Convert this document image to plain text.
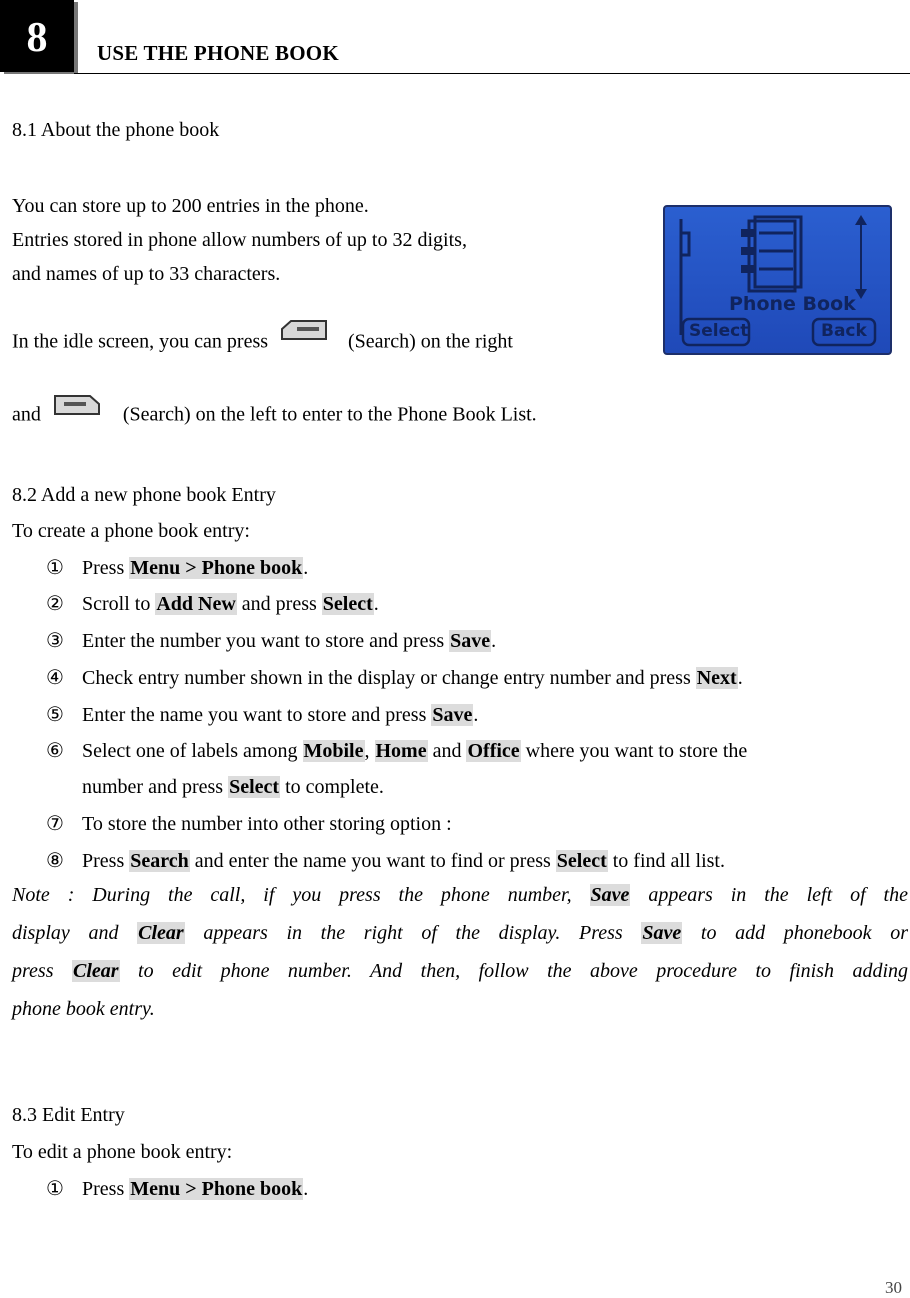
8	USE THE PHONE BOOK
8.1 About the phone book
You can store up to 200 entries in the phone.
Entries stored in phone allow numbers of up to 32 digits,
and names of up to 33 characters.
In the idle screen, you can press	(Search) on the right
and	(Search) on the left to enter to the Phone Book List.
Phone Book
Select	Back
8.2 Add a new phone book Entry
To create a phone book entry:
① Press Menu > Phone book.
② Scroll to Add New and press Select.
③ Enter the number you want to store and press Save.
④ Check entry number shown in the display or change entry number and press Next.
⑤ Enter the name you want to store and press Save.
⑥ Select one of labels among Mobile, Home and Office where you want to store the
number and press Select to complete.
⑦ To store the number into other storing option :
⑧ Press Search and enter the name you want to find or press Select to find all list.
Note : During the call, if you press the phone number, Save appears in the left of the
display and Clear appears in the right of the display. Press Save to add phonebook or
press Clear to edit phone number. And then, follow the above procedure to finish adding
phone book entry.
8.3 Edit Entry
To edit a phone book entry:
① Press Menu > Phone book.
30
